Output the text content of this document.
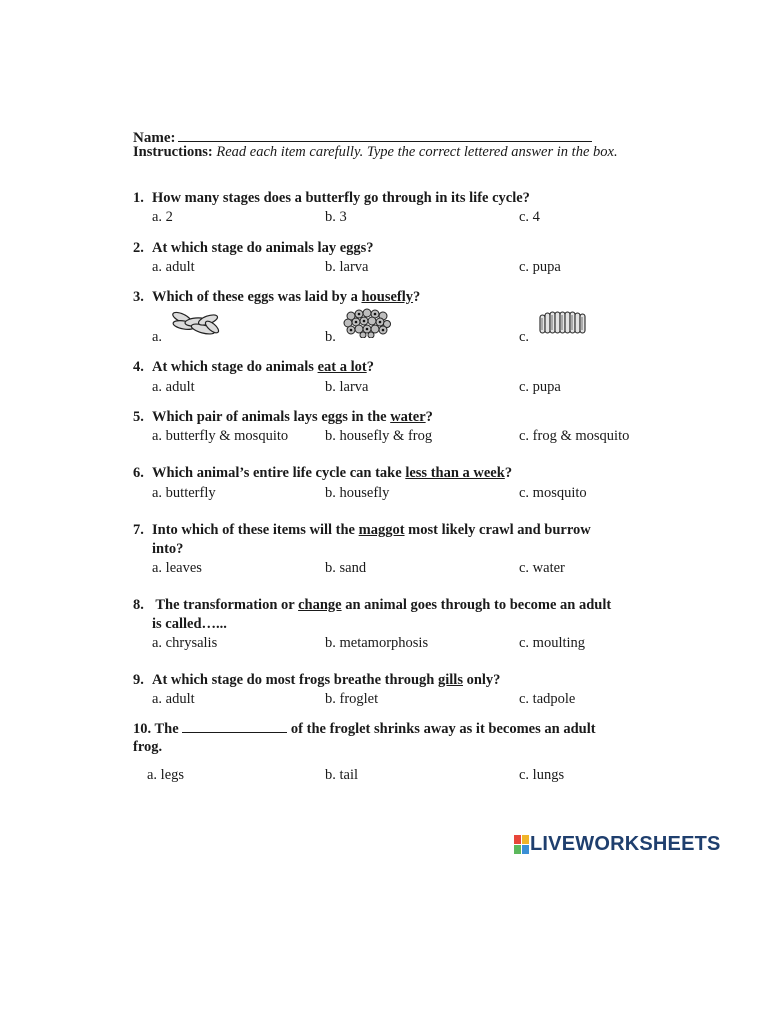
Name:
Instructions: Read each item carefully. Type the correct lettered answer in the box.
1. How many stages does a butterfly go through in its life cycle?
a. 2	b. 3	c. 4
2. At which stage do animals lay eggs?
a. adult	b. larva	c. pupa
3. Which of these eggs was laid by a housefly?
a.	b.	c.
4. At which stage do animals eat a lot?
a. adult	b. larva	c. pupa
5. Which pair of animals lays eggs in the water?
a. butterfly & mosquito	b. housefly & frog	c. frog & mosquito
6. Which animal’s entire life cycle can take less than a week?
a. butterfly	b. housefly	c. mosquito
7. Into which of these items will the maggot most likely crawl and burrow
into?
a. leaves	b. sand	c. water
8. The transformation or change an animal goes through to become an adult
is called…...
a. chrysalis	b. metamorphosis	c. moulting
9. At which stage do most frogs breathe through gills only?
a. adult	b. froglet	c. tadpole
10. The	of the froglet shrinks away as it becomes an adult
frog.
a. legs	b. tail	c. lungs
LIVEWORKSHEETS
